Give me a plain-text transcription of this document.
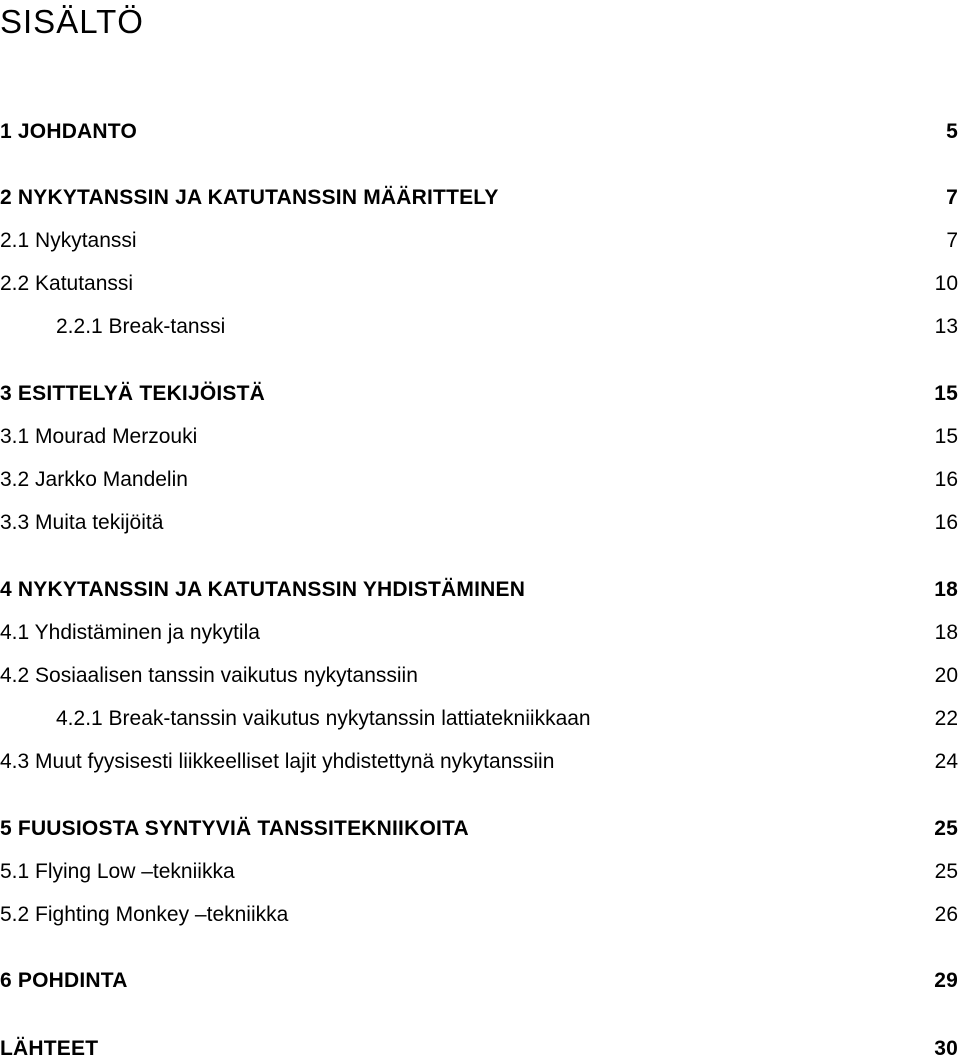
SISÄLTÖ
1 JOHDANTO	5
2 NYKYTANSSIN JA KATUTANSSIN MÄÄRITTELY	7
2.1 Nykytanssi	7
2.2 Katutanssi	10
2.2.1 Break-tanssi	13
3 ESITTELYÄ TEKIJÖISTÄ	15
3.1 Mourad Merzouki	15
3.2 Jarkko Mandelin	16
3.3 Muita tekijöitä	16
4 NYKYTANSSIN JA KATUTANSSIN YHDISTÄMINEN	18
4.1 Yhdistäminen ja nykytila	18
4.2 Sosiaalisen tanssin vaikutus nykytanssiin	20
4.2.1 Break-tanssin vaikutus nykytanssin lattiatekniikkaan	22
4.3 Muut fyysisesti liikkeelliset lajit yhdistettynä nykytanssiin	24
5 FUUSIOSTA SYNTYVIÄ TANSSITEKNIIKOITA	25
5.1 Flying Low –tekniikka	25
5.2 Fighting Monkey –tekniikka	26
6 POHDINTA	29
LÄHTEET	30
